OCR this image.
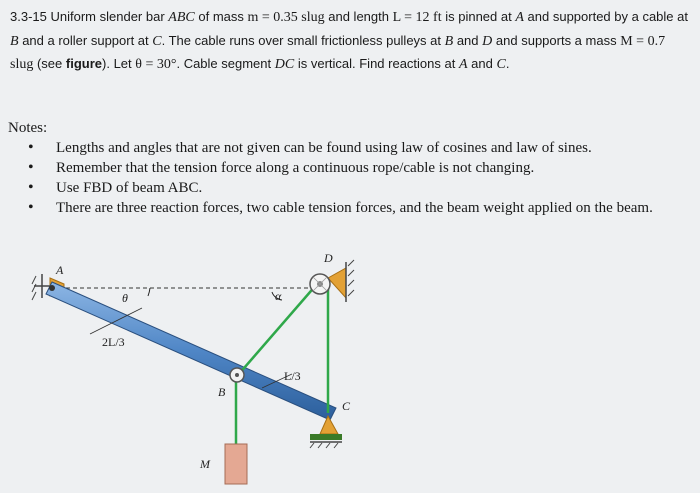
3.3-15 Uniform slender bar ABC of mass m = 0.35 slug and length L = 12 ft is pinned at A and supported by a cable at B and a roller support at C. The cable runs over small frictionless pulleys at B and D and supports a mass M = 0.7 slug (see figure). Let θ = 30°. Cable segment DC is vertical. Find reactions at A and C.
Notes:
• Lengths and angles that are not given can be found using law of cosines and law of sines.
• Remember that the tension force along a continuous rope/cable is not changing.
• Use FBD of beam ABC.
• There are three reaction forces, two cable tension forces, and the beam weight applied on the beam.
A
θ	α
D
2L/3
L/3
B
C
M
